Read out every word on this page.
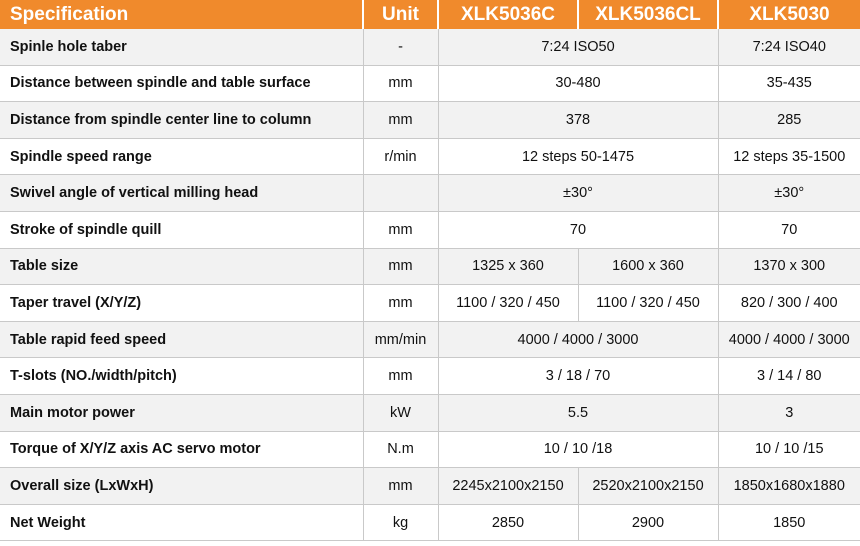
Specification	Unit	XLK5036C	XLK5036CL	XLK5030
Spinle hole taber	-	7:24 ISO50		7:24 ISO40
Distance between spindle and table surface	mm	30-480		35-435
Distance from spindle center line to column	mm	378		285
Spindle speed range	r/min	12 steps 50-1475		12 steps 35-1500
Swivel angle of vertical milling head		±30°		±30°
Stroke of spindle quill	mm	70		70
Table size	mm	1325 x 360	1600 x 360	1370 x 300
Taper travel (X/Y/Z)	mm	1100 / 320 / 450	1100 / 320 / 450	820 / 300 / 400
Table rapid feed speed	mm/min	4000 / 4000 / 3000		4000 / 4000 / 3000
T-slots (NO./width/pitch)	mm	3 / 18 / 70		3 / 14 / 80
Main motor power	kW	5.5		3
Torque of X/Y/Z axis AC servo motor	N.m	10 / 10 /18		10 / 10 /15
Overall size (LxWxH)	mm	2245x2100x2150	2520x2100x2150	1850x1680x1880
Net Weight	kg	2850	2900	1850
